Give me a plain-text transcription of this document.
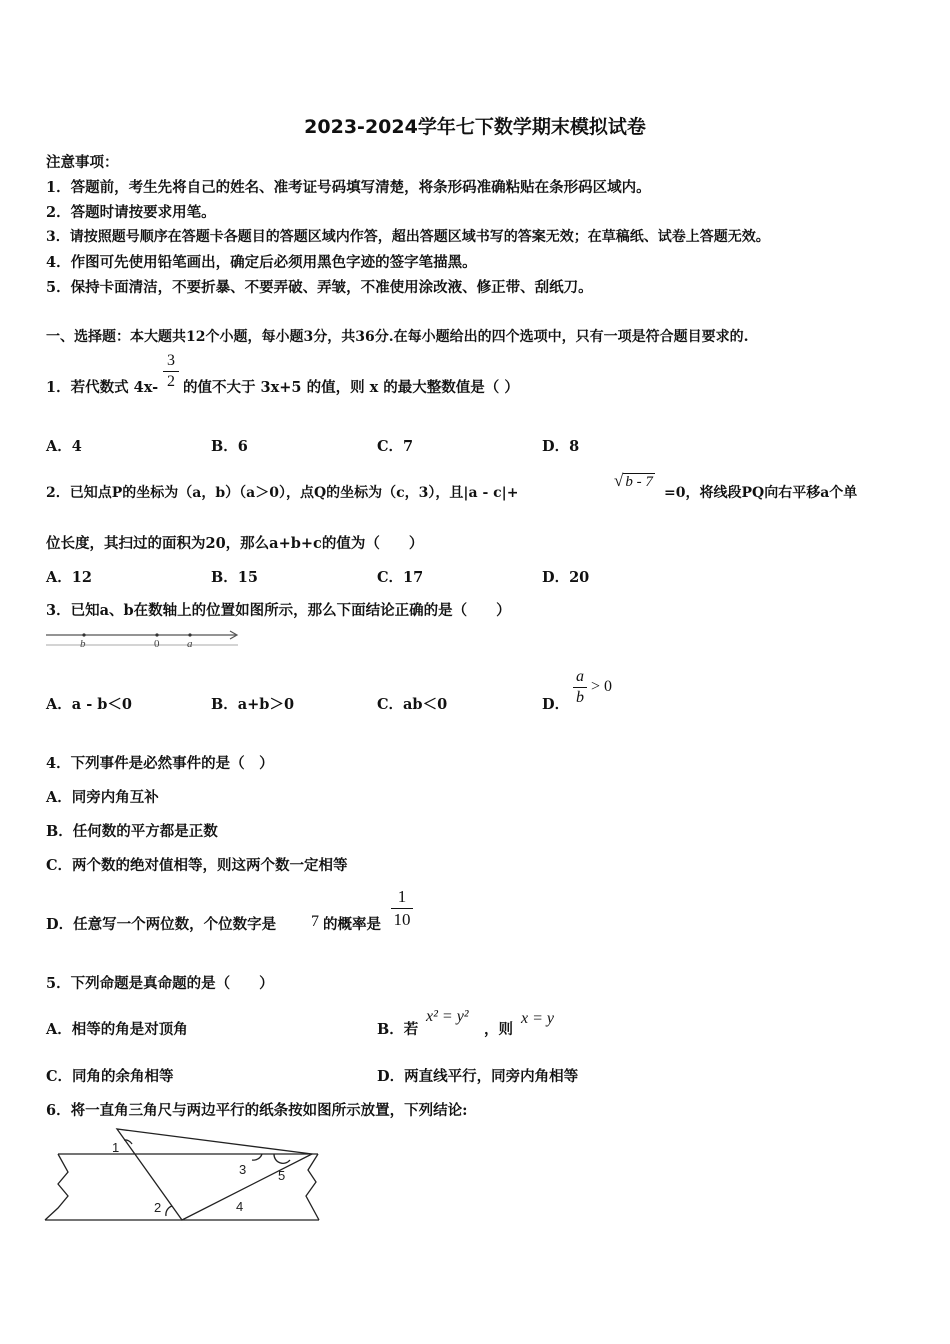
2023-2024学年七下数学期末模拟试卷
注意事项：
1．答题前，考生先将自己的姓名、准考证号码填写清楚，将条形码准确粘贴在条形码区域内。
2．答题时请按要求用笔。
3．请按照题号顺序在答题卡各题目的答题区域内作答，超出答题区域书写的答案无效；在草稿纸、试卷上答题无效。
4．作图可先使用铅笔画出，确定后必须用黑色字迹的签字笔描黑。
5．保持卡面清洁，不要折暴、不要弄破、弄皱，不准使用涂改液、修正带、刮纸刀。
一、选择题：本大题共12个小题，每小题3分，共36分.在每小题给出的四个选项中，只有一项是符合题目要求的.
1．若代数式 4x-
3
2 的值不大于 3x+5 的值，则 x 的最大整数值是（ ）
A．4	B．6	C．7	D．8
2．已知点P的坐标为（a，b）（a＞0），点Q的坐标为（c，3），且|a - c|+
√ b - 7
=0，将线段PQ向右平移a个单
位长度，其扫过的面积为20，那么a+b+c的值为（　　）
A．12	B．15	C．17	D．20
3．已知a、b在数轴上的位置如图所示，那么下面结论正确的是（　　）
b	0	a
A．a - b＜0	B．a+b＞0	C．ab＜0	D．
a
b
> 0
4．下列事件是必然事件的是（　）
A．同旁内角互补
B．任何数的平方都是正数
C．两个数的绝对值相等，则这两个数一定相等
D．任意写一个两位数，个位数字是 7 的概率是
1
10
5．下列命题是真命题的是（　　）
A．相等的角是对顶角	B．若
x² = y²
，则
x = y
C．同角的余角相等	D．两直线平行，同旁内角相等
6．将一直角三角尺与两边平行的纸条按如图所示放置，下列结论:
1
2
3
4
5
